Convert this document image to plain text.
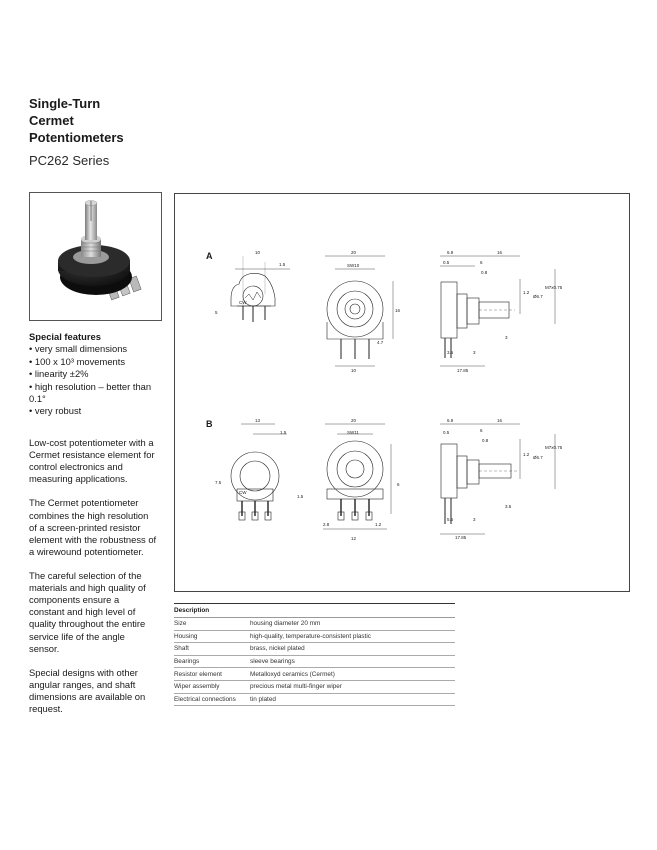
Single-Turn
Cermet
Potentiometers
PC262 Series
Special features
• very small dimensions
• 100 x 10³ movements
• linearity ±2%
• high resolution – better than 0.1°
• very robust

Low-cost potentiometer with a Cermet resistance element for control electronics and measuring applications.

The Cermet potentiometer combines the high resolution of a screen-printed resistor element with the robustness of a wirewound potentiometer.

The careful selection of the materials and high quality of components ensure a constant and high level of quality throughout the entire service life of the angle sensor.

Special designs with other angular ranges, and shaft dimensions are available on request.

A
B
10
1.5
5
CW
20
SW10
16
4.7
10
6.9	16
0.5	6
0.8
1.2
M7x0.75
Ø6.7
3.5	3
3
17.85
13
1.5
7.5
CW
20
SW11
6
1.5
2.8	1.2
12
6.9	16
0.5	6
0.8
1.2
M7x0.75
Ø6.7
5.5	3
3.5
17.85
Description	
Size	housing diameter 20 mm
Housing	high-quality, temperature-consistent plastic
Shaft	brass, nickel plated
Bearings	sleeve bearings
Resistor element	Metalloxyd ceramics (Cermet)
Wiper assembly	precious metal multi-finger wiper
Electrical connections	tin plated
